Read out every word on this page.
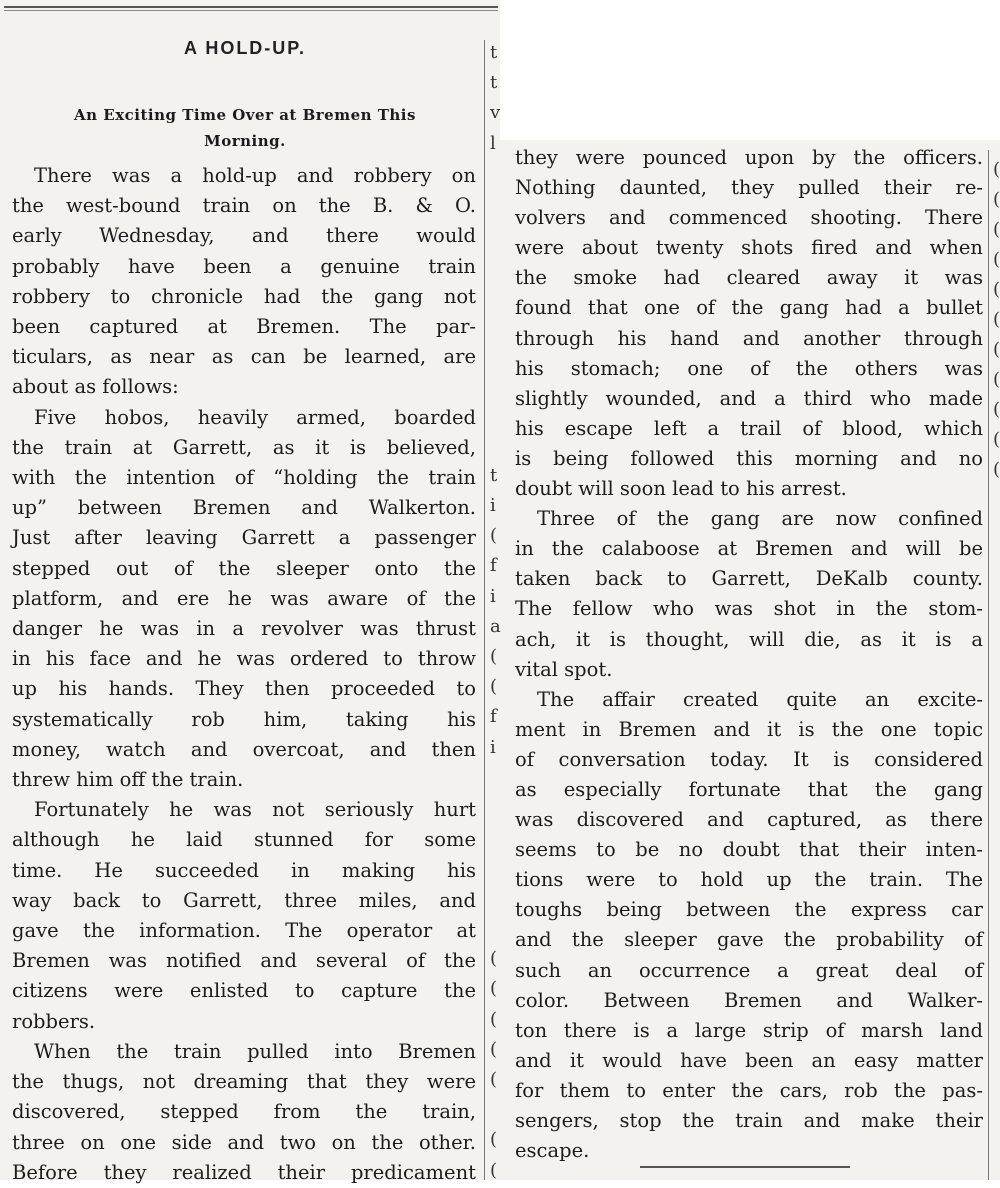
A HOLD-UP.
An Exciting Time Over at Bremen This
Morning.

There was a hold-up and robbery on

the west-bound train on the B. & O.

early Wednesday, and there would

probably have been a genuine train

robbery to chronicle had the gang not

been captured at Bremen. The par-

ticulars, as near as can be learned, are

about as follows:

Five hobos, heavily armed, boarded

the train at Garrett, as it is believed,

with the intention of “holding the train

up” between Bremen and Walkerton.

Just after leaving Garrett a passenger

stepped out of the sleeper onto the

platform, and ere he was aware of the

danger he was in a revolver was thrust

in his face and he was ordered to throw

up his hands. They then proceeded to

systematically rob him, taking his

money, watch and overcoat, and then

threw him off the train.

Fortunately he was not seriously hurt

although he laid stunned for some

time. He succeeded in making his

way back to Garrett, three miles, and

gave the information. The operator at

Bremen was notified and several of the

citizens were enlisted to capture the

robbers.

When the train pulled into Bremen

the thugs, not dreaming that they were

discovered, stepped from the train,

three on one side and two on the other.

Before they realized their predicament

they were pounced upon by the officers.

Nothing daunted, they pulled their re-

volvers and commenced shooting. There

were about twenty shots fired and when

the smoke had cleared away it was

found that one of the gang had a bullet

through his hand and another through

his stomach; one of the others was

slightly wounded, and a third who made

his escape left a trail of blood, which

is being followed this morning and no

doubt will soon lead to his arrest.

Three of the gang are now confined

in the calaboose at Bremen and will be

taken back to Garrett, DeKalb county.

The fellow who was shot in the stom-

ach, it is thought, will die, as it is a

vital spot.

The affair created quite an excite-

ment in Bremen and it is the one topic

of conversation today. It is considered

as especially fortunate that the gang

was discovered and captured, as there

seems to be no doubt that their inten-

tions were to hold up the train. The

toughs being between the express car

and the sleeper gave the probability of

such an occurrence a great deal of

color. Between Bremen and Walker-

ton there is a large strip of marsh land

and it would have been an easy matter

for them to enter the cars, rob the pas-

sengers, stop the train and make their

escape.

t
t
v
l

t
i
(
f
i
a
(
(
f
i

(
(
(
(
(

(
(
(
(
(
(
(
(
(
(
(
(
(
